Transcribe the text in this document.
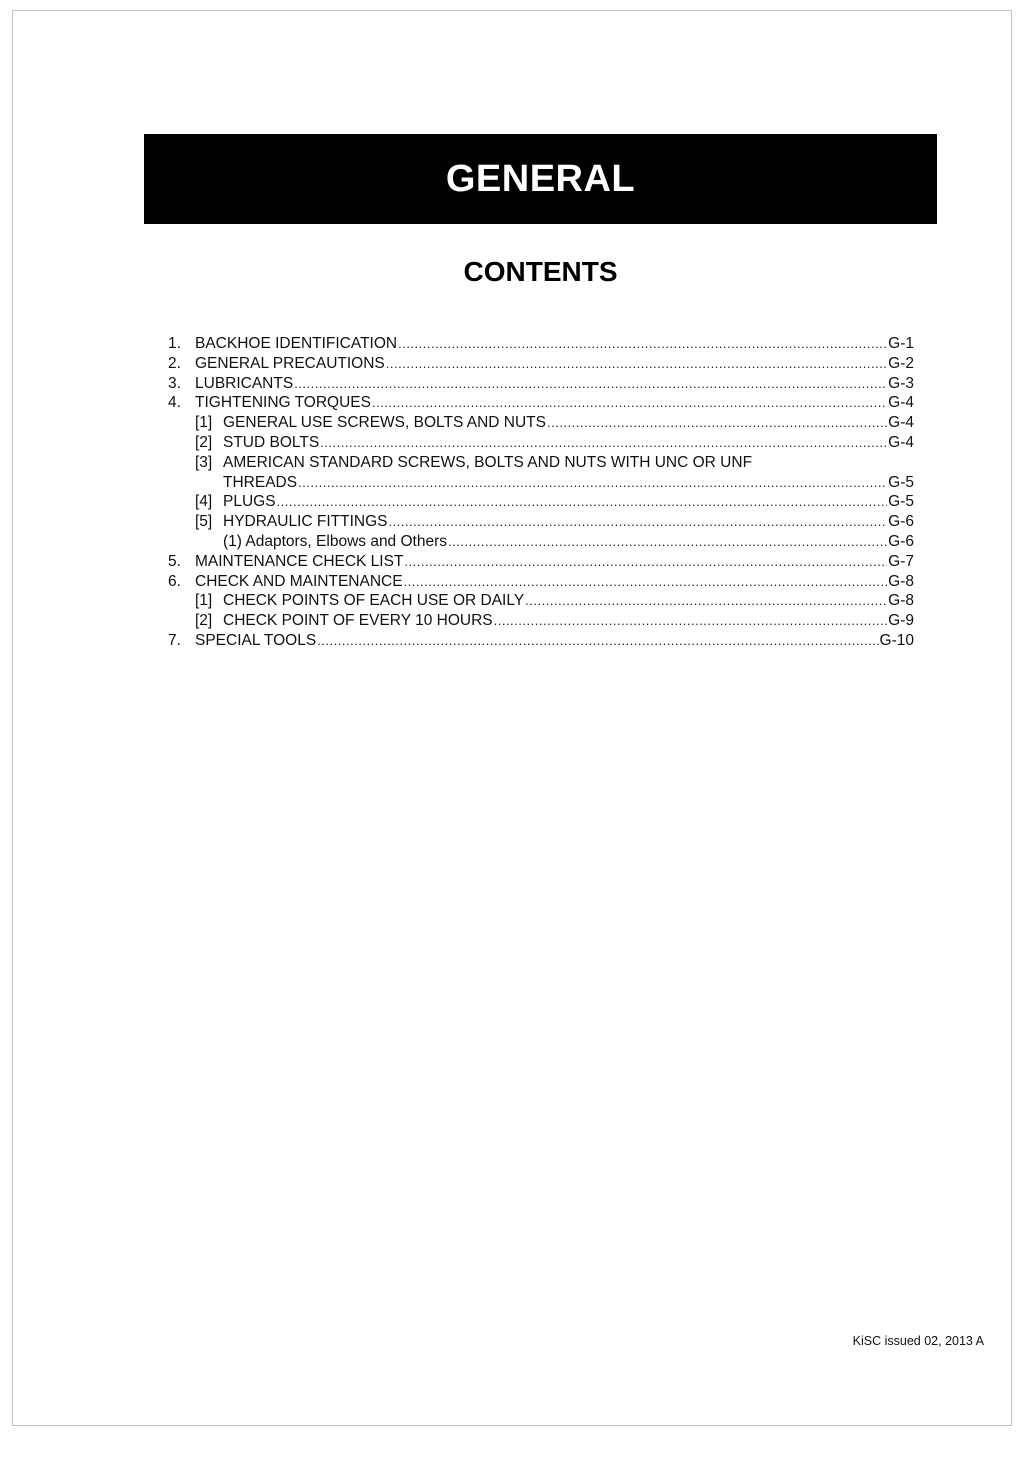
GENERAL
CONTENTS
1. BACKHOE IDENTIFICATION .....	G-1
2. GENERAL PRECAUTIONS .....	G-2
3. LUBRICANTS .....	G-3
4. TIGHTENING TORQUES .....	G-4
[1] GENERAL USE SCREWS, BOLTS AND NUTS .....	G-4
[2] STUD BOLTS .....	G-4
[3] AMERICAN STANDARD SCREWS, BOLTS AND NUTS WITH UNC OR UNF
THREADS .....	G-5
[4] PLUGS .....	G-5
[5] HYDRAULIC FITTINGS .....	G-6
(1) Adaptors, Elbows and Others .....	G-6
5. MAINTENANCE CHECK LIST .....	G-7
6. CHECK AND MAINTENANCE .....	G-8
[1] CHECK POINTS OF EACH USE OR DAILY .....	G-8
[2] CHECK POINT OF EVERY 10 HOURS .....	G-9
7. SPECIAL TOOLS .....	G-10
KiSC issued 02, 2013 A
